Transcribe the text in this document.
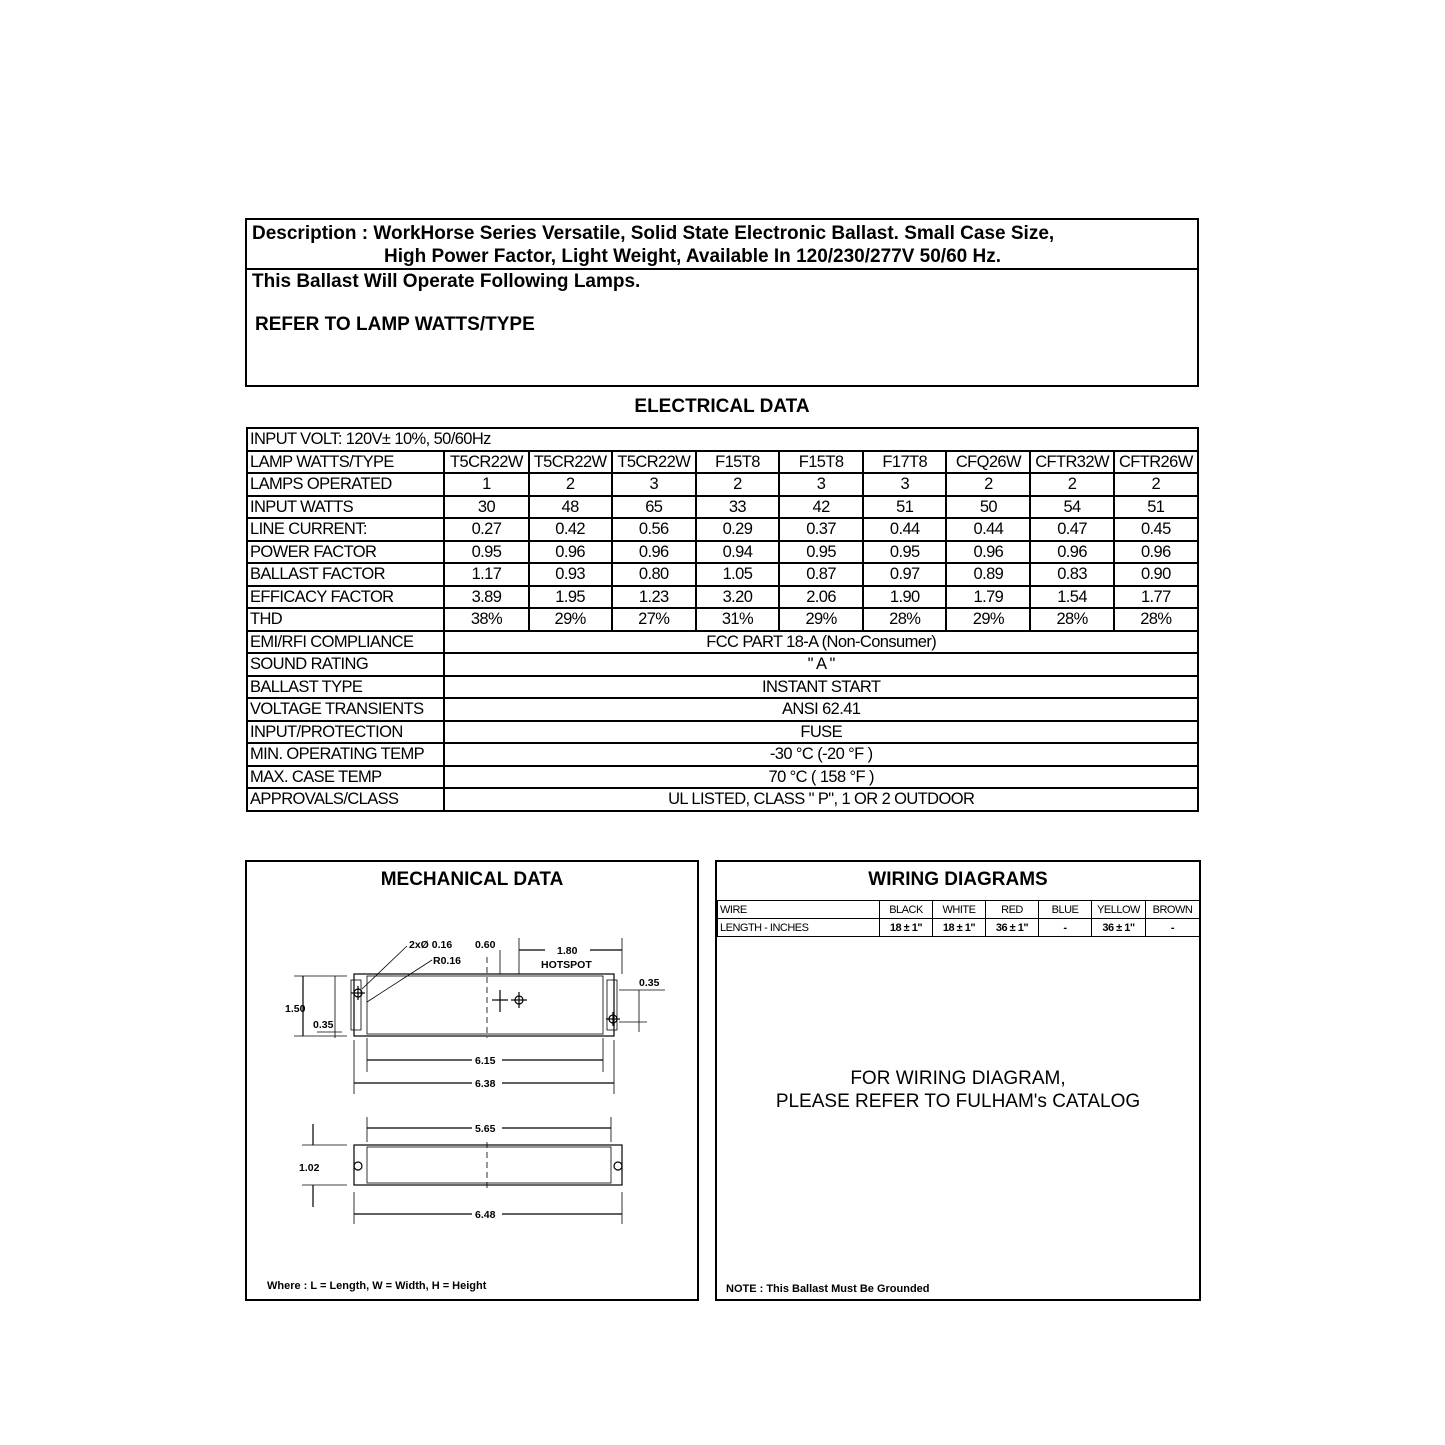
Description : WorkHorse Series Versatile, Solid State Electronic Ballast. Small Case Size,
High Power Factor, Light Weight, Available In 120/230/277V 50/60 Hz.
This Ballast Will Operate Following Lamps.
REFER TO LAMP WATTS/TYPE
ELECTRICAL DATA
INPUT VOLT: 120V± 10%, 50/60Hz									
LAMP WATTS/TYPE	T5CR22W	T5CR22W	T5CR22W	F15T8	F15T8	F17T8	CFQ26W	CFTR32W	CFTR26W
LAMPS OPERATED	1	2	3	2	3	3	2	2	2
INPUT WATTS	30	48	65	33	42	51	50	54	51
LINE CURRENT:	0.27	0.42	0.56	0.29	0.37	0.44	0.44	0.47	0.45
POWER FACTOR	0.95	0.96	0.96	0.94	0.95	0.95	0.96	0.96	0.96
BALLAST FACTOR	1.17	0.93	0.80	1.05	0.87	0.97	0.89	0.83	0.90
EFFICACY FACTOR	3.89	1.95	1.23	3.20	2.06	1.90	1.79	1.54	1.77
THD	38%	29%	27%	31%	29%	28%	29%	28%	28%
EMI/RFI COMPLIANCE	FCC PART 18-A (Non-Consumer)								
SOUND RATING	" A "								
BALLAST TYPE	INSTANT START								
VOLTAGE TRANSIENTS	ANSI 62.41								
INPUT/PROTECTION	FUSE								
MIN. OPERATING TEMP	-30 °C (-20 °F )								
MAX. CASE TEMP	70 °C ( 158 °F )								
APPROVALS/CLASS	UL LISTED, CLASS " P", 1 OR 2 OUTDOOR								
MECHANICAL DATA
2xØ 0.16
R0.16
0.60	1.80
HOTSPOT
0.35
1.50
0.35
6.15
6.38
5.65
1.02
6.48
Where : L = Length, W = Width, H = Height
WIRING DIAGRAMS
WIRE	BLACK	WHITE	RED	BLUE	YELLOW	BROWN
LENGTH - INCHES	18 ± 1"	18 ± 1"	36 ± 1"	-	36 ± 1"	-
FOR WIRING DIAGRAM,
PLEASE REFER TO FULHAM's CATALOG
NOTE : This Ballast Must Be Grounded
